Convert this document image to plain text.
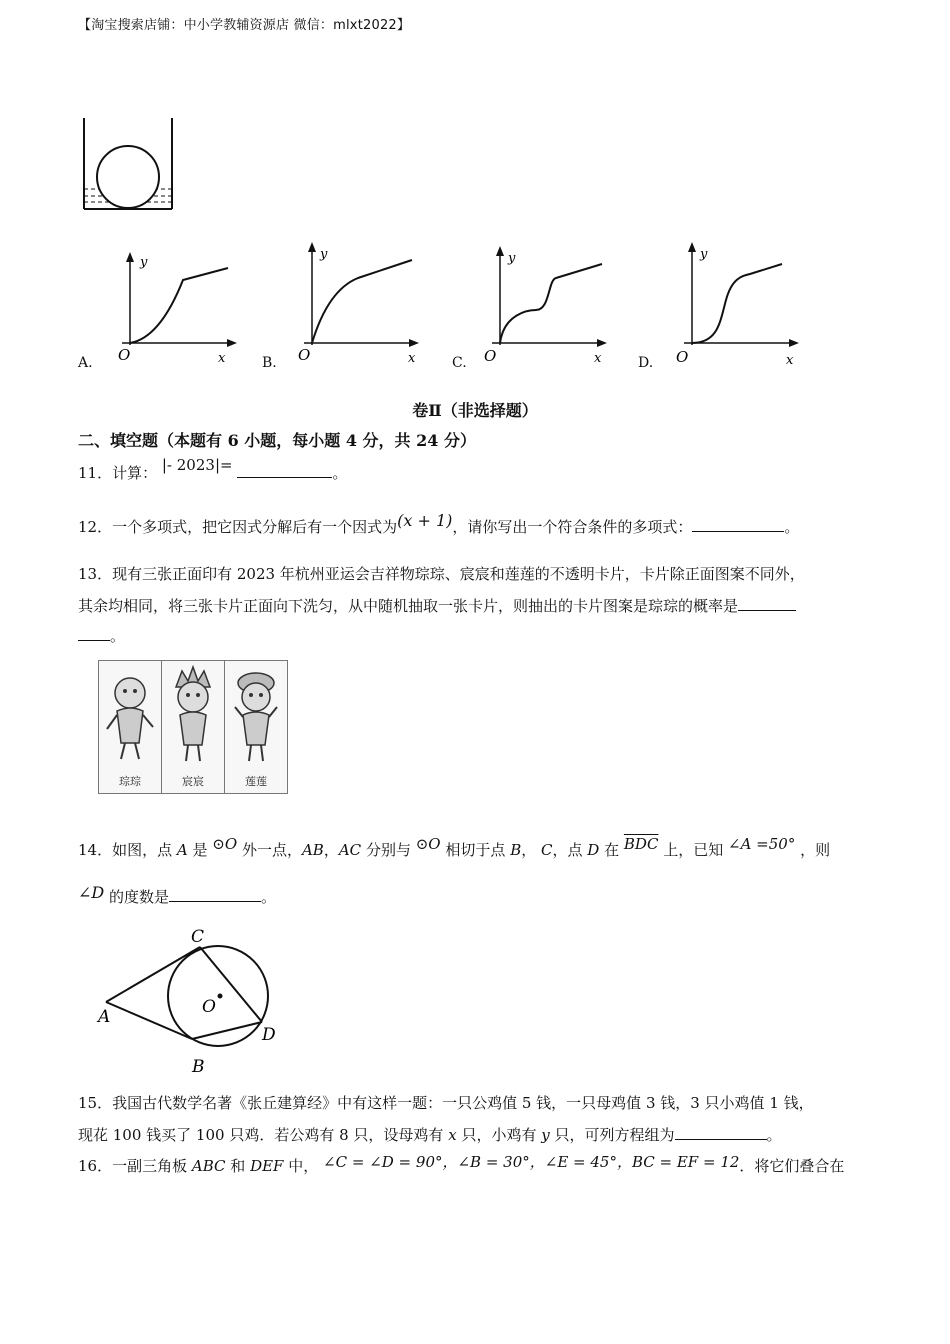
【淘宝搜索店铺：中小学教辅资源店 微信：mlxt2022】
y
O	x
A.
y
O	x
B.
y
O	x
C.
y
O	x
D.
卷Ⅱ（非选择题）
二、填空题（本题有 6 小题，每小题 4 分，共 24 分）
11．计算： |- 2023|=	。
12．一个多项式，把它因式分解后有一个因式为(x + 1)，请你写出一个符合条件的多项式：	。
13．现有三张正面印有 2023 年杭州亚运会吉祥物琮琮、宸宸和莲莲的不透明卡片，卡片除正面图案不同外，
其余均相同，将三张卡片正面向下洗匀，从中随机抽取一张卡片，则抽出的卡片图案是琮琮的概率是
。
琮琮	宸宸	莲莲
14．如图，点 A 是 ⊙O 外一点，AB，AC 分别与 ⊙O 相切于点 B， C，点 D 在 $\overline{BDC}$ 上，已知 ∠A =50° ，则
∠D 的度数是	。
C
O
A
D
B
15．我国古代数学名著《张丘建算经》中有这样一题：一只公鸡值 5 钱，一只母鸡值 3 钱，3 只小鸡值 1 钱，
现花 100 钱买了 100 只鸡．若公鸡有 8 只，设母鸡有 x 只，小鸡有 y 只，可列方程组为	。
16．一副三角板 ABC 和 DEF 中， ∠C = ∠D = 90°，∠B = 30°，∠E = 45°，BC = EF = 12．将它们叠合在
